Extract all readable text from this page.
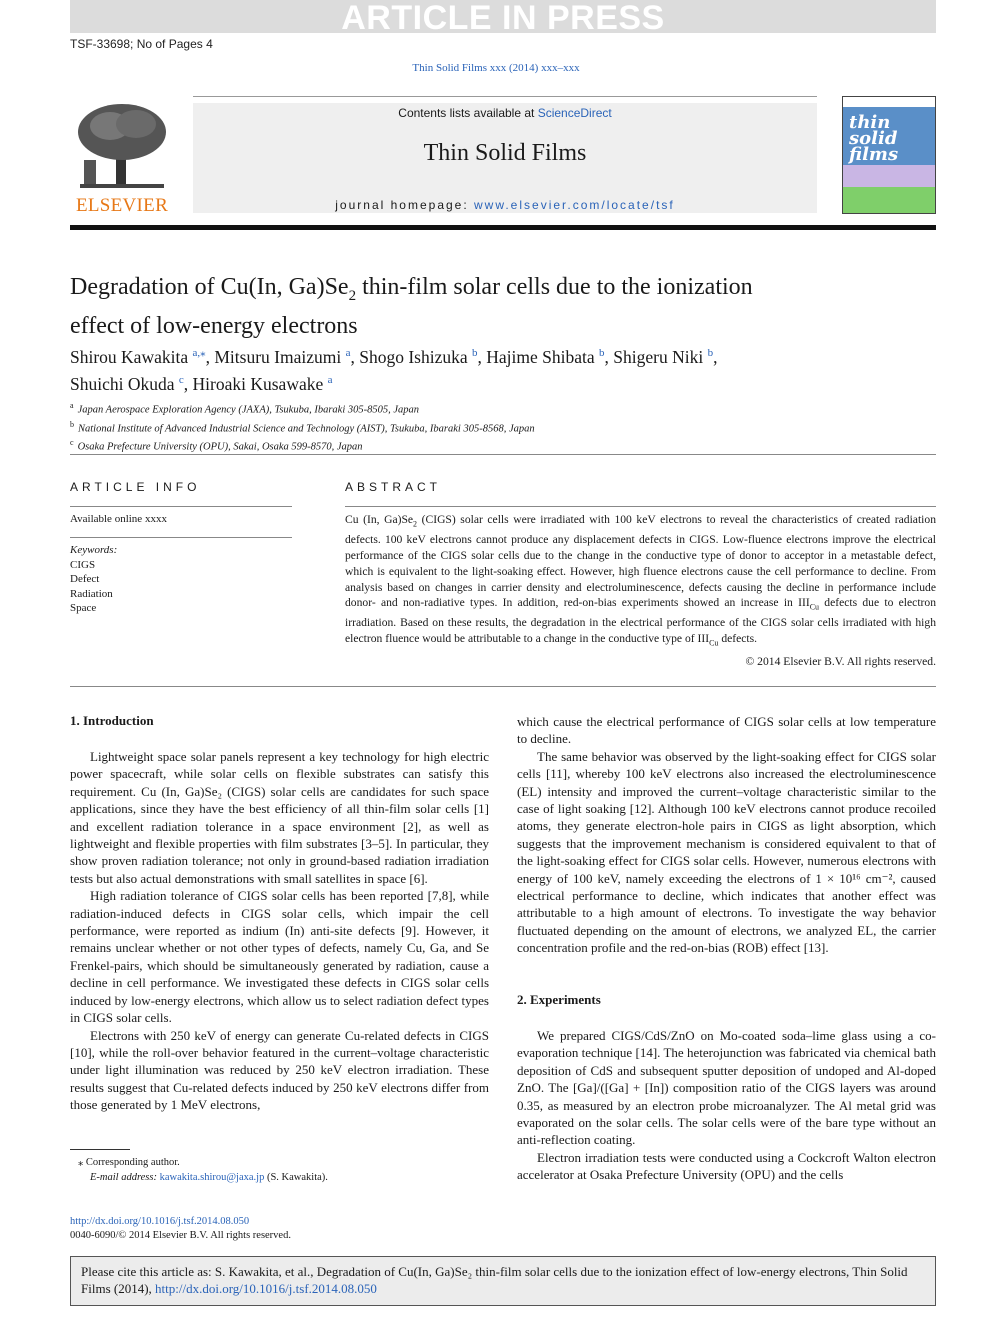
ARTICLE IN PRESS
TSF-33698; No of Pages 4
Thin Solid Films xxx (2014) xxx–xxx
ELSEVIER
Contents lists available at ScienceDirect
Thin Solid Films
journal homepage: www.elsevier.com/locate/tsf
thin solid films
Degradation of Cu(In, $Ga)Se_2$ thin-film solar cells due to the ionization
effect of low-energy electrons
Shirou Kawakita $^{a,⁎}$, Mitsuru Imaizumi $^a$, Shogo Ishizuka $^b$, Hajime Shibata $^b$, Shigeru Niki $^b$,
Shuichi Okuda $^c$, Hiroaki Kusawake $^a$
$^a$ Japan Aerospace Exploration Agency (JAXA), Tsukuba, Ibaraki 305-8505, Japan
$^b$ National Institute of Advanced Industrial Science and Technology (AIST), Tsukuba, Ibaraki 305-8568, Japan
$^c$ Osaka Prefecture University (OPU), Sakai, Osaka 599-8570, Japan
ARTICLE INFO
Available online xxxx
Keywords:
CIGS
Defect
Radiation
Space
ABSTRACT
Cu (In, $Ga)Se_2$ (CIGS) solar cells were irradiated with 100 keV electrons to reveal the characteristics of created radiation defects. 100 keV electrons cannot produce any displacement defects in CIGS. Low-fluence electrons improve the electrical performance of the CIGS solar cells due to the change in the conductive type of donor to acceptor in a metastable defect, which is equivalent to the light-soaking effect. However, high fluence electrons cause the cell performance to decline. From analysis based on changes in carrier density and electroluminescence, defects causing the decline in performance include donor- and non-radiative types. In addition, red-on-bias experiments showed an increase in $III_{Cu}$ defects due to electron irradiation. Based on these results, the degradation in the electrical performance of the CIGS solar cells irradiated with high electron fluence would be attributable to a change in the conductive type of $III_{Cu}$ defects.
© 2014 Elsevier B.V. All rights reserved.
1. Introduction

Lightweight space solar panels represent a key technology for high electric power spacecraft, while solar cells on flexible substrates can satisfy this requirement. Cu (In, Ga)Se₂ (CIGS) solar cells are candidates for such space applications, since they have the best efficiency of all thin-film solar cells [1] and excellent radiation tolerance in a space environment [2], as well as lightweight and flexible properties with film substrates [3–5]. In particular, they show proven radiation tolerance; not only in ground-based radiation irradiation tests but also actual demonstrations with small satellites in space [6].

High radiation tolerance of CIGS solar cells has been reported [7,8], while radiation-induced defects in CIGS solar cells, which impair the cell performance, were reported as indium (In) anti-site defects [9]. However, it remains unclear whether or not other types of defects, namely Cu, Ga, and Se Frenkel-pairs, which should be simultaneously generated by radiation, cause a decline in cell performance. We investigated these defects in CIGS solar cells induced by low-energy electrons, which allow us to select radiation defect types in CIGS solar cells.

Electrons with 250 keV of energy can generate Cu-related defects in CIGS [10], while the roll-over behavior featured in the current–voltage characteristic under light illumination was reduced by 250 keV electron irradiation. These results suggest that Cu-related defects induced by 250 keV electrons differ from those generated by 1 MeV electrons,

which cause the electrical performance of CIGS solar cells at low temperature to decline.

The same behavior was observed by the light-soaking effect for CIGS solar cells [11], whereby 100 keV electrons also increased the electroluminescence (EL) intensity and improved the current–voltage characteristic similar to the case of light soaking [12]. Although 100 keV electrons cannot produce recoiled atoms, they generate electron-hole pairs in CIGS as light absorption, which suggests that the improvement mechanism is considered equivalent to that of the light-soaking effect for CIGS solar cells. However, numerous electrons with energy of 100 keV, namely exceeding the electrons of 1 × 10¹⁶ cm⁻², caused electrical performance to decline, which indicates that another effect was attributable to a high amount of electrons. To investigate the way behavior fluctuated depending on the amount of electrons, we analyzed EL, the carrier concentration profile and the red-on-bias (ROB) effect [13].

2. Experiments

We prepared CIGS/CdS/ZnO on Mo-coated soda–lime glass using a co-evaporation technique [14]. The heterojunction was fabricated via chemical bath deposition of CdS and subsequent sputter deposition of undoped and Al-doped ZnO. The [Ga]/([Ga] + [In]) composition ratio of the CIGS layers was around 0.35, as measured by an electron probe microanalyzer. The Al metal grid was evaporated on the solar cells. The solar cells were of the bare type without an anti-reflection coating.

Electron irradiation tests were conducted using a Cockcroft Walton electron accelerator at Osaka Prefecture University (OPU) and the cells

⁎ Corresponding author.
E-mail address: kawakita.shirou@jaxa.jp (S. Kawakita).
http://dx.doi.org/10.1016/j.tsf.2014.08.050
0040-6090/© 2014 Elsevier B.V. All rights reserved.
Please cite this article as: S. Kawakita, et al., Degradation of Cu(In, Ga)Se₂ thin-film solar cells due to the ionization effect of low-energy electrons, Thin Solid Films (2014), http://dx.doi.org/10.1016/j.tsf.2014.08.050
